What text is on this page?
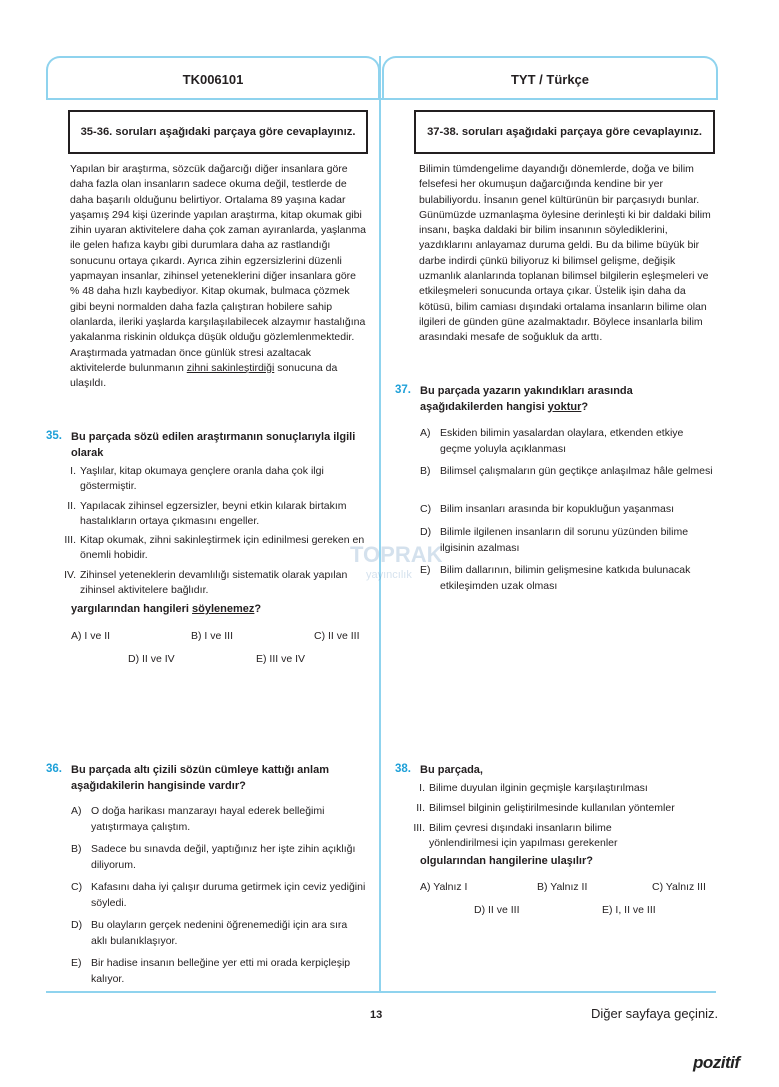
TK006101	TYT / Türkçe
TOPRAK
yayıncılık
35-36. soruları aşağıdaki parçaya göre cevaplayınız.

Yapılan bir araştırma, sözcük dağarcığı diğer insanlara göre daha fazla olan insanların sadece okuma değil, testlerde de daha başarılı olduğunu belirtiyor. Ortalama 89 yaşına kadar yaşamış 294 kişi üzerinde yapılan araştırma, kitap okumak gibi zihin uyaran aktivitelere daha çok zaman ayıranlarda, yaşlanma ile gelen hafıza kaybı gibi durumlara daha az rastlandığı sonucunu ortaya çıkardı. Ayrıca zihin egzersizlerini düzenli yapmayan insanlar, zihinsel yeteneklerini diğer insanlara göre % 48 daha hızlı kaybediyor. Kitap okumak, bulmaca çözmek gibi beyni normalden daha fazla çalıştıran hobilere sahip olanlarda, ileriki yaşlarda karşılaşılabilecek alzaymır hastalığına yakalanma riskinin oldukça düşük olduğu gözlemlenmektedir. Araştırmada yatmadan önce günlük stresi azaltacak aktivitelerde bulunmanın zihni sakinleştirdiği sonucuna da ulaşıldı.

35. Bu parçada sözü edilen araştırmanın sonuçlarıyla ilgili olarak

I. Yaşlılar, kitap okumaya gençlere oranla daha çok ilgi göstermiştir.
II. Yapılacak zihinsel egzersizler, beyni etkin kılarak birtakım hastalıkların ortaya çıkmasını engeller.
III. Kitap okumak, zihni sakinleştirmek için edinilmesi gereken en önemli hobidir.
IV. Zihinsel yeteneklerin devamlılığı sistematik olarak yapılan zihinsel aktivitelere bağlıdır.
yargılarından hangileri söylenemez?
A) I ve II	B) I ve III	C) II ve III
D) II ve IV	E) III ve IV
36. Bu parçada altı çizili sözün cümleye kattığı anlam aşağıdakilerin hangisinde vardır?

A) O doğa harikası manzarayı hayal ederek belleğimi yatıştırmaya çalıştım.
B) Sadece bu sınavda değil, yaptığınız her işte zihin açıklığı diliyorum.
C) Kafasını daha iyi çalışır duruma getirmek için ceviz yediğini söyledi.
D) Bu olayların gerçek nedenini öğrenemediği için ara sıra aklı bulanıklaşıyor.
E) Bir hadise insanın belleğine yer etti mi orada kerpiçleşip kalıyor.
37-38. soruları aşağıdaki parçaya göre cevaplayınız.

Bilimin tümdengelime dayandığı dönemlerde, doğa ve bilim felsefesi her okumuşun dağarcığında kendine bir yer bulabiliyordu. İnsanın genel kültürünün bir parçasıydı bunlar. Günümüzde uzmanlaşma öylesine derinleşti ki bir daldaki bilim insanı, başka daldaki bir bilim insanının söylediklerini, yazdıklarını anlayamaz duruma geldi. Bu da bilime büyük bir darbe indirdi çünkü biliyoruz ki bilimsel gelişme, değişik uzmanlık alanlarında toplanan bilimsel bilgilerin eşleşmeleri ve etkileşmeleri sonucunda ortaya çıkar. Üstelik işin daha da kötüsü, bilim camiası dışındaki ortalama insanların bilime olan ilgileri de günden güne azalmaktadır. Böylece insanlarla bilim arasındaki mesafe de soğukluk da arttı.

37. Bu parçada yazarın yakındıkları arasında aşağıdakilerden hangisi yoktur?

A) Eskiden bilimin yasalardan olaylara, etkenden etkiye geçme yoluyla açıklanması
B) Bilimsel çalışmaların gün geçtikçe anlaşılmaz hâle gelmesi
C) Bilim insanları arasında bir kopukluğun yaşanması
D) Bilimle ilgilenen insanların dil sorunu yüzünden bilime ilgisinin azalması
E) Bilim dallarının, bilimin gelişmesine katkıda bulunacak etkileşimden uzak olması
38. Bu parçada,

I. Bilime duyulan ilginin geçmişle karşılaştırılması
II. Bilimsel bilginin geliştirilmesinde kullanılan yöntemler
III. Bilim çevresi dışındaki insanların bilime yönlendirilmesi için yapılması gerekenler
olgularından hangilerine ulaşılır?
A) Yalnız I	B) Yalnız II	C) Yalnız III
D) II ve III	E) I, II ve III
13	Diğer sayfaya geçiniz.
pozitif
